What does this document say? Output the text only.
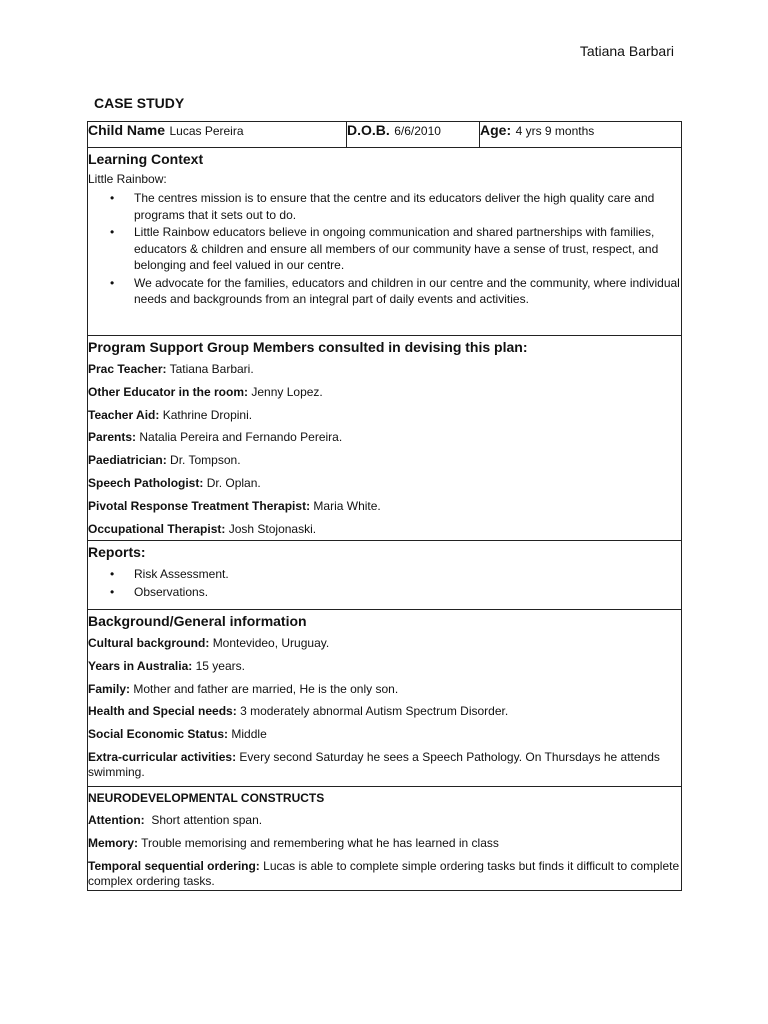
Tatiana Barbari
CASE STUDY
Child Name Lucas Pereira	D.O.B. 6/6/2010	Age: 4 yrs 9 months

Learning Context
Little Rainbow:
• The centres mission is to ensure that the centre and its educators deliver the high quality care and programs that it sets out to do.
• Little Rainbow educators believe in ongoing communication and shared partnerships with families, educators & children and ensure all members of our community have a sense of trust, respect, and belonging and feel valued in our centre.
• We advocate for the families, educators and children in our centre and the community, where individual needs and backgrounds from an integral part of daily events and activities.

Program Support Group Members consulted in devising this plan:
Prac Teacher: Tatiana Barbari.
Other Educator in the room: Jenny Lopez.
Teacher Aid: Kathrine Dropini.
Parents: Natalia Pereira and Fernando Pereira.
Paediatrician: Dr. Tompson.
Speech Pathologist: Dr. Oplan.
Pivotal Response Treatment Therapist: Maria White.
Occupational Therapist: Josh Stojonaski.

Reports:
• Risk Assessment.
• Observations.

Background/General information
Cultural background: Montevideo, Uruguay.
Years in Australia: 15 years.
Family: Mother and father are married, He is the only son.
Health and Special needs: 3 moderately abnormal Autism Spectrum Disorder.
Social Economic Status: Middle
Extra-curricular activities: Every second Saturday he sees a Speech Pathology. On Thursdays he attends swimming.

NEURODEVELOPMENTAL CONSTRUCTS
Attention: Short attention span.
Memory: Trouble memorising and remembering what he has learned in class
Temporal sequential ordering: Lucas is able to complete simple ordering tasks but finds it difficult to complete complex ordering tasks.
